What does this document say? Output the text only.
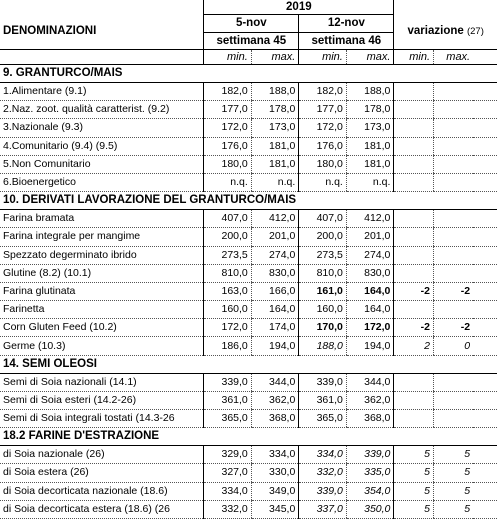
	2019						
DENOMINAZIONI	5-nov		12-nov		variazione (27)		
	settimana 45		settimana 46				
	min.	max.	min.	max.	min.	max.	
9. GRANTURCO/MAIS							
1.Alimentare (9.1)	182,0	188,0	182,0	188,0			
2.Naz. zoot. qualità caratterist. (9.2)	177,0	178,0	177,0	178,0			
3.Nazionale (9.3)	172,0	173,0	172,0	173,0			
4.Comunitario (9.4) (9.5)	176,0	181,0	176,0	181,0			
5.Non Comunitario	180,0	181,0	180,0	181,0			
6.Bioenergetico	n.q.	n.q.	n.q.	n.q.			
10. DERIVATI LAVORAZIONE DEL GRANTURCO/MAIS							
Farina bramata	407,0	412,0	407,0	412,0			
Farina integrale per mangime	200,0	201,0	200,0	201,0			
Spezzato degerminato ibrido	273,5	274,0	273,5	274,0			
Glutine (8.2) (10.1)	810,0	830,0	810,0	830,0			
Farina glutinata	163,0	166,0	161,0	164,0	-2	-2	
Farinetta	160,0	164,0	160,0	164,0			
Corn Gluten Feed (10.2)	172,0	174,0	170,0	172,0	-2	-2	
Germe (10.3)	186,0	194,0	188,0	194,0	2	0	
14. SEMI OLEOSI							
Semi di Soia nazionali (14.1)	339,0	344,0	339,0	344,0			
Semi di Soia esteri (14.2-26)	361,0	362,0	361,0	362,0			
Semi di Soia integrali tostati (14.3-26	365,0	368,0	365,0	368,0			
18.2 FARINE D'ESTRAZIONE							
di Soia nazionale (26)	329,0	334,0	334,0	339,0	5	5	
di Soia estera (26)	327,0	330,0	332,0	335,0	5	5	
di Soia decorticata nazionale (18.6)	334,0	349,0	339,0	354,0	5	5	
di Soia decorticata estera (18.6) (26	332,0	345,0	337,0	350,0	5	5	
